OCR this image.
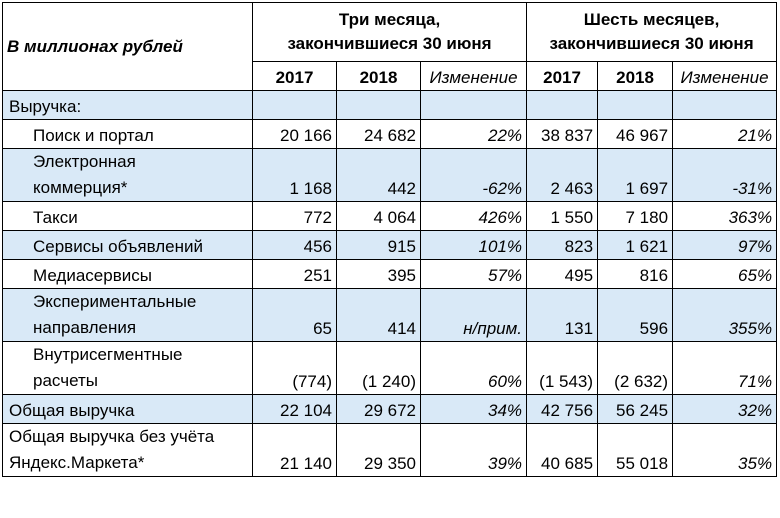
В миллионах рублей	Три месяца,
закончившиеся 30 июня			Шесть месяцев,
закончившиеся 30 июня		

	2017	2018	Изменение	2017	2018	Изменение
Выручка:						
Поиск и портал	20 166	24 682	22%	38 837	46 967	21%

Электронная
коммерция*	1 168	442	-62%	2 463	1 697	-31%
Такси	772	4 064	426%	1 550	7 180	363%
Сервисы объявлений	456	915	101%	823	1 621	97%
Медиасервисы	251	395	57%	495	816	65%

Экспериментальные
направления	65	414	н/прим.	131	596	355%

Внутрисегментные
расчеты	(774)	(1 240)	60%	(1 543)	(2 632)	71%
Общая выручка	22 104	29 672	34%	42 756	56 245	32%

Общая выручка без учёта
Яндекс.Маркета*	21 140	29 350	39%	40 685	55 018	35%
